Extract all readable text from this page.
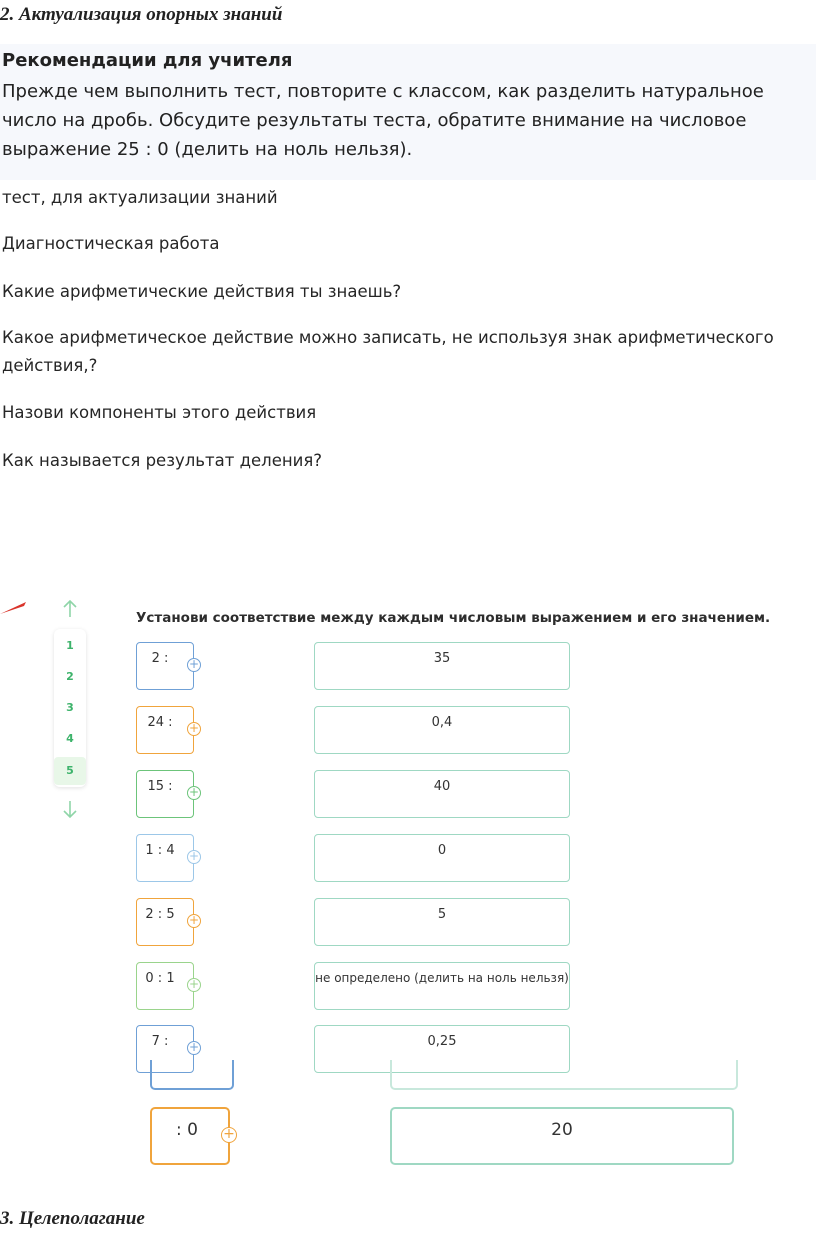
2. Актуализация опорных знаний
Рекомендации для учителя
Прежде чем выполнить тест, повторите с классом, как разделить натуральное число на дробь. Обсудите результаты теста, обратите внимание на числовое выражение 25 : 0 (делить на ноль нельзя).
тест, для актуализации знаний
Диагностическая работа
Какие арифметические действия ты знаешь?
Какое арифметическое действие можно записать, не используя знак арифметического действия,?
Назови компоненты этого действия
Как называется результат деления?
1
2
3
4
5
Установи соответствие между каждым числовым выражением и его значением.
2 :	+	35
24 :	+	0,4
15 :	+	40
1 : 4	+	0
2 : 5	+	5
0 : 1	+	не определено (делить на ноль нельзя)
7 :	+	0,25
: 0	+	20
3. Целеполагание
